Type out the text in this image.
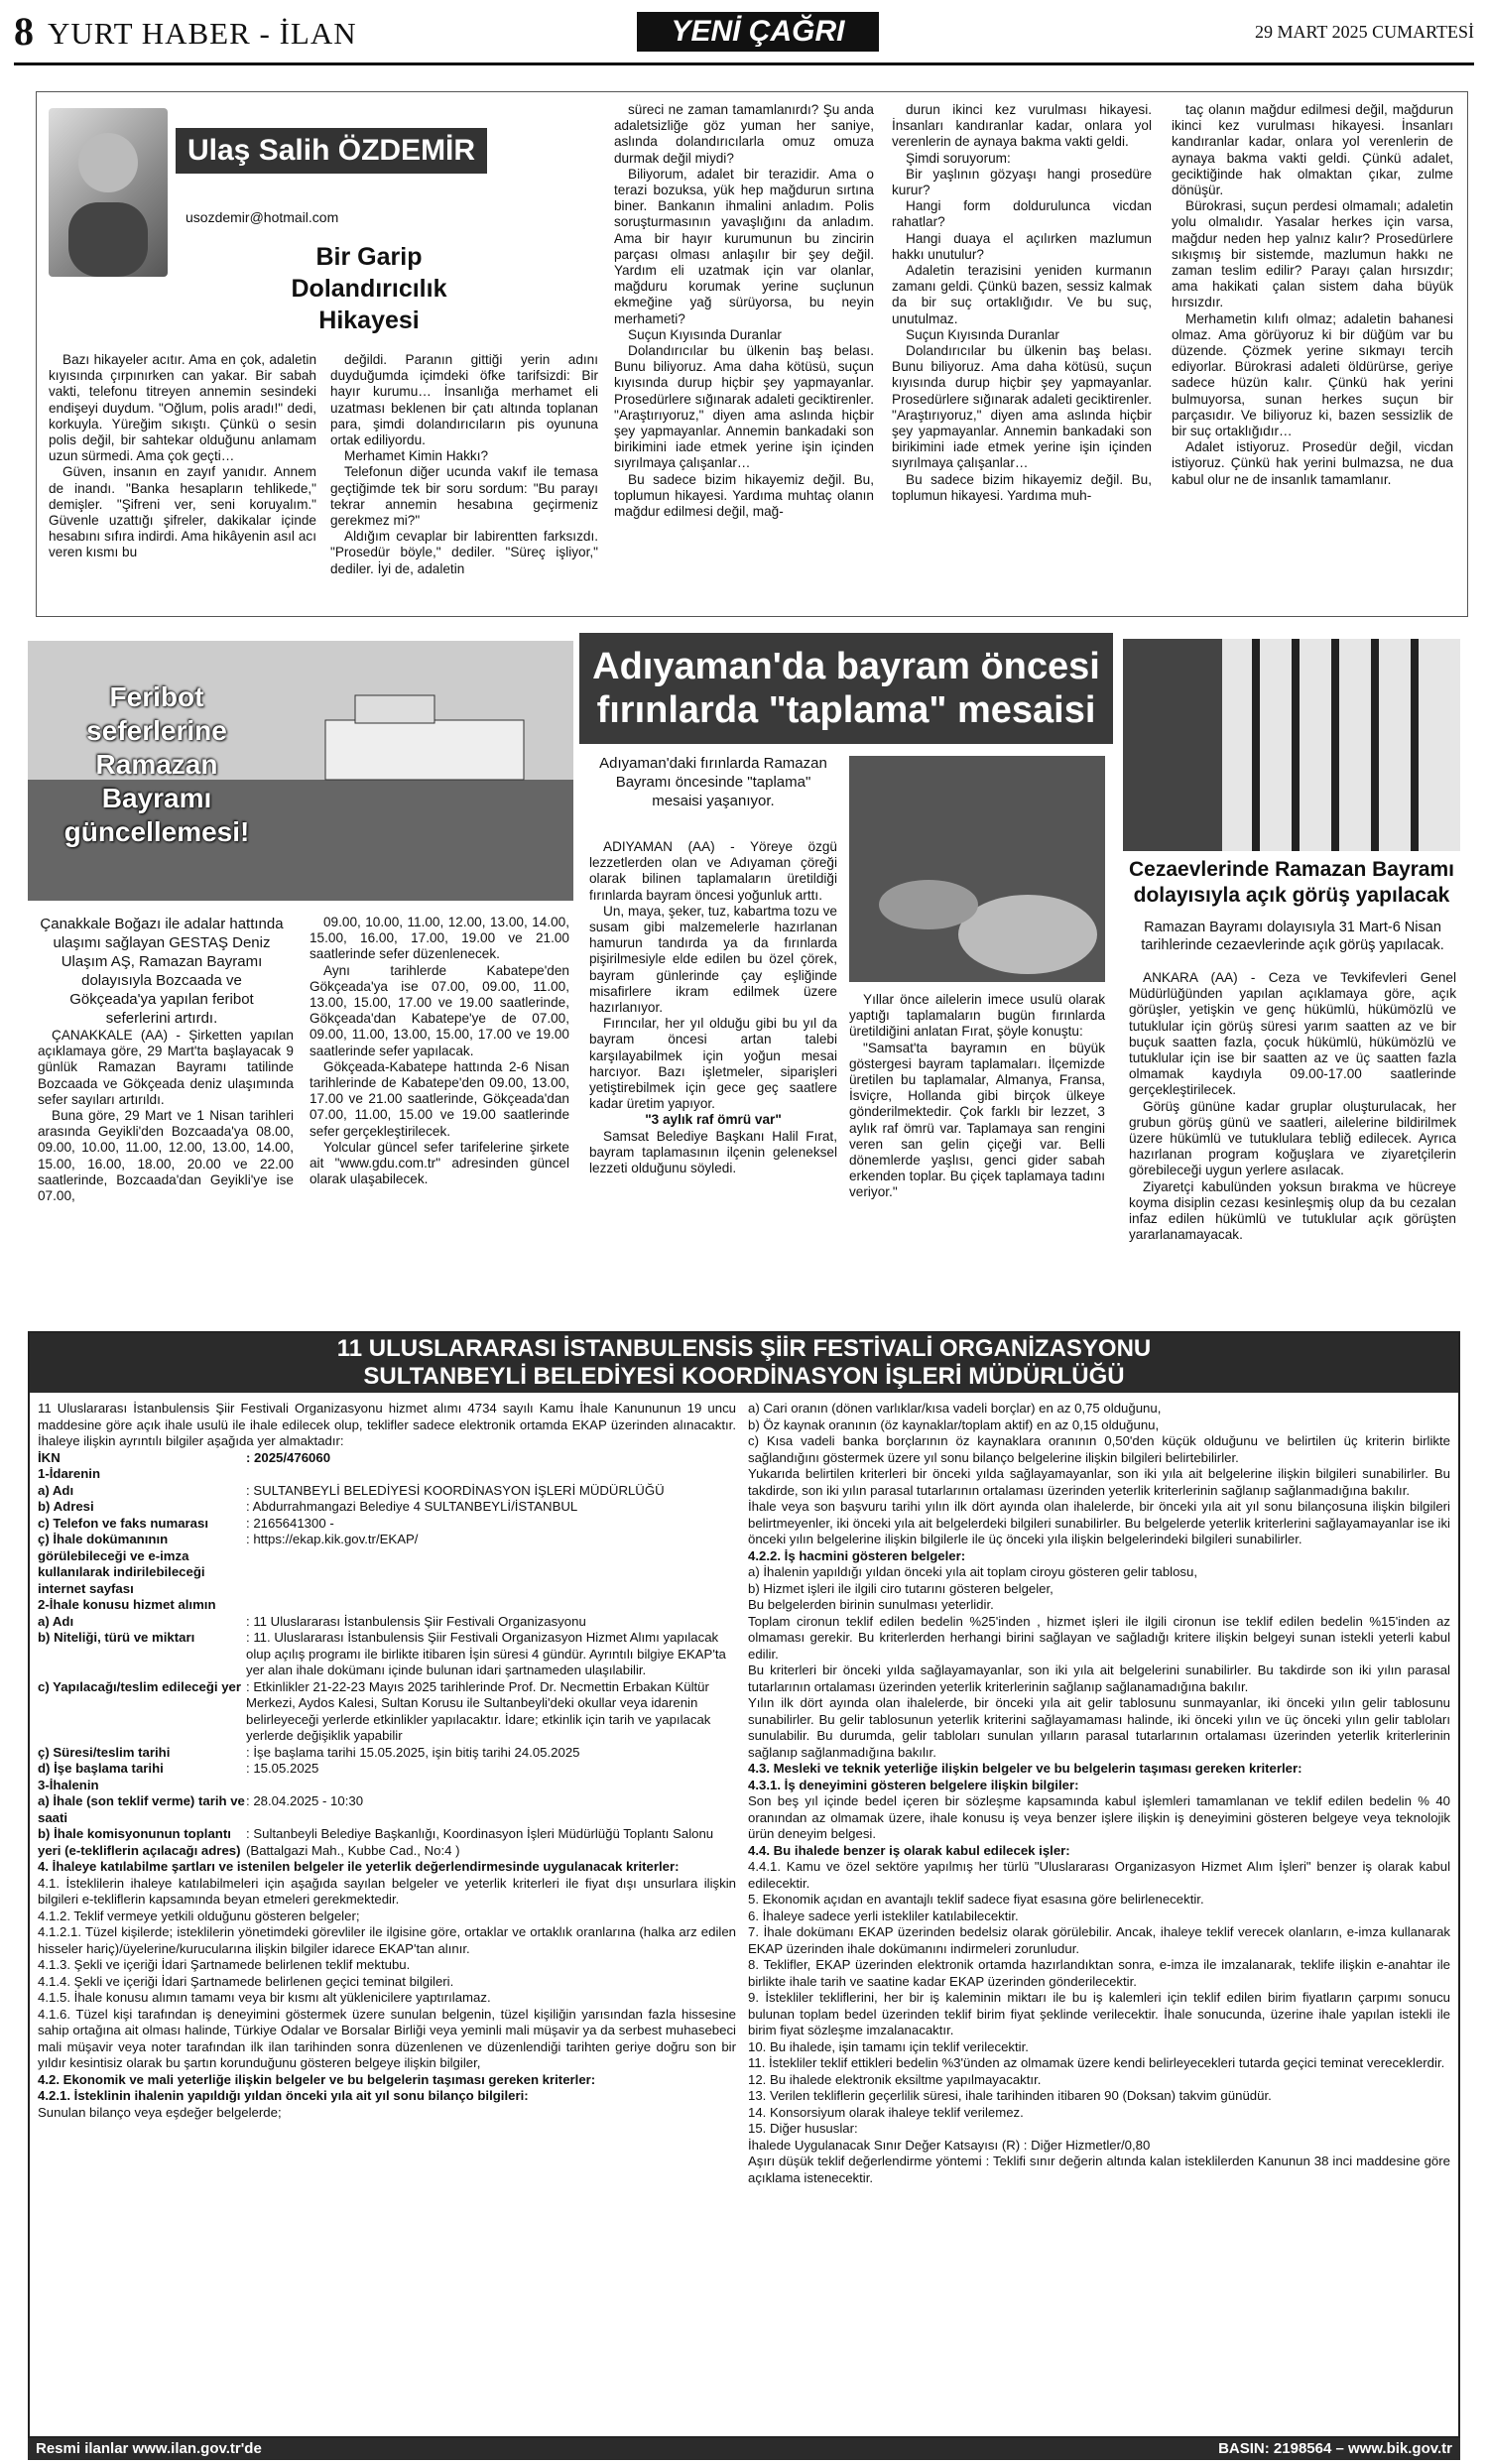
8 YURT HABER - İLAN	YENİ ÇAĞRI	29 MART 2025 CUMARTESİ
Ulaş Salih ÖZDEMİR
usozdemir@hotmail.com
Bir Garip Dolandırıcılık Hikayesi

Bazı hikayeler acıtır. Ama en çok, adaletin kıyısında çırpınırken can yakar. Bir sabah vakti, telefonu titreyen annemin sesindeki endişeyi duydum. "Oğlum, polis aradı!" dedi, korkuyla. Yüreğim sıkıştı. Çünkü o sesin polis değil, bir sahtekar olduğunu anlamam uzun sürmedi. Ama çok geçti…

Güven, insanın en zayıf yanıdır. Annem de inandı. "Banka hesapların tehlikede," demişler. "Şifreni ver, seni koruyalım." Güvenle uzattığı şifreler, dakikalar içinde hesabını sıfıra indirdi. Ama hikâyenin asıl acı veren kısmı bu

değildi. Paranın gittiği yerin adını duyduğumda içimdeki öfke tarifsizdi: Bir hayır kurumu… İnsanlığa merhamet eli uzatması beklenen bir çatı altında toplanan para, şimdi dolandırıcıların pis oyununa ortak ediliyordu.

Merhamet Kimin Hakkı?

Telefonun diğer ucunda vakıf ile temasa geçtiğimde tek bir soru sordum: "Bu parayı tekrar annemin hesabına geçirmeniz gerekmez mi?"

Aldığım cevaplar bir labirentten farksızdı. "Prosedür böyle," dediler. "Süreç işliyor," dediler. İyi de, adaletin

süreci ne zaman tamamlanırdı? Şu anda adaletsizliğe göz yuman her saniye, aslında dolandırıcılarla omuz omuza durmak değil miydi?

Biliyorum, adalet bir terazidir. Ama o terazi bozuksa, yük hep mağdurun sırtına biner. Bankanın ihmalini anladım. Polis soruşturmasının yavaşlığını da anladım. Ama bir hayır kurumunun bu zincirin parçası olması anlaşılır bir şey değil. Yardım eli uzatmak için var olanlar, mağduru korumak yerine suçlunun ekmeğine yağ sürüyorsa, bu neyin merhameti?

Suçun Kıyısında Duranlar

Dolandırıcılar bu ülkenin baş belası. Bunu biliyoruz. Ama daha kötüsü, suçun kıyısında durup hiçbir şey yapmayanlar. Prosedürlere sığınarak adaleti geciktirenler. "Araştırıyoruz," diyen ama aslında hiçbir şey yapmayanlar. Annemin bankadaki son birikimini iade etmek yerine işin içinden sıyrılmaya çalışanlar…

Bu sadece bizim hikayemiz değil. Bu, toplumun hikayesi. Yardıma muhtaç olanın mağdur edilmesi değil, mağ-

durun ikinci kez vurulması hikayesi. İnsanları kandıranlar kadar, onlara yol verenlerin de aynaya bakma vakti geldi.

Şimdi soruyorum:

Bir yaşlının gözyaşı hangi prosedüre kurur?

Hangi form doldurulunca vicdan rahatlar?

Hangi duaya el açılırken mazlumun hakkı unutulur?

Adaletin terazisini yeniden kurmanın zamanı geldi. Çünkü bazen, sessiz kalmak da bir suç ortaklığıdır. Ve bu suç, unutulmaz.

Suçun Kıyısında Duranlar

Dolandırıcılar bu ülkenin baş belası. Bunu biliyoruz. Ama daha kötüsü, suçun kıyısında durup hiçbir şey yapmayanlar. Prosedürlere sığınarak adaleti geciktirenler. "Araştırıyoruz," diyen ama aslında hiçbir şey yapmayanlar. Annemin bankadaki son birikimini iade etmek yerine işin içinden sıyrılmaya çalışanlar…

Bu sadece bizim hikayemiz değil. Bu, toplumun hikayesi. Yardıma muh-

taç olanın mağdur edilmesi değil, mağdurun ikinci kez vurulması hikayesi. İnsanları kandıranlar kadar, onlara yol verenlerin de aynaya bakma vakti geldi. Çünkü adalet, geciktiğinde hak olmaktan çıkar, zulme dönüşür.

Bürokrasi, suçun perdesi olmamalı; adaletin yolu olmalıdır. Yasalar herkes için varsa, mağdur neden hep yalnız kalır? Prosedürlere sıkışmış bir sistemde, mazlumun hakkı ne zaman teslim edilir? Parayı çalan hırsızdır; ama hakikati çalan sistem daha büyük hırsızdır.

Merhametin kılıfı olmaz; adaletin bahanesi olmaz. Ama görüyoruz ki bir düğüm var bu düzende. Çözmek yerine sıkmayı tercih ediyorlar. Bürokrasi adaleti öldürürse, geriye sadece hüzün kalır. Çünkü hak yerini bulmuyorsa, sunan herkes suçun bir parçasıdır. Ve biliyoruz ki, bazen sessizlik de bir suç ortaklığıdır…

Adalet istiyoruz. Prosedür değil, vicdan istiyoruz. Çünkü hak yerini bulmazsa, ne dua kabul olur ne de insanlık tamamlanır.

Feribot seferlerine Ramazan Bayramı güncellemesi!
Çanakkale Boğazı ile adalar hattında ulaşımı sağlayan GESTAŞ Deniz Ulaşım AŞ, Ramazan Bayramı dolayısıyla Bozcaada ve Gökçeada'ya yapılan feribot seferlerini artırdı.

ÇANAKKALE (AA) - Şirketten yapılan açıklamaya göre, 29 Mart'ta başlayacak 9 günlük Ramazan Bayramı tatilinde Bozcaada ve Gökçeada deniz ulaşımında sefer sayıları artırıldı.

Buna göre, 29 Mart ve 1 Nisan tarihleri arasında Geyikli'den Bozcaada'ya 08.00, 09.00, 10.00, 11.00, 12.00, 13.00, 14.00, 15.00, 16.00, 18.00, 20.00 ve 22.00 saatlerinde, Bozcaada'dan Geyikli'ye ise 07.00,

09.00, 10.00, 11.00, 12.00, 13.00, 14.00, 15.00, 16.00, 17.00, 19.00 ve 21.00 saatlerinde sefer düzenlenecek.

Aynı tarihlerde Kabatepe'den Gökçeada'ya ise 07.00, 09.00, 11.00, 13.00, 15.00, 17.00 ve 19.00 saatlerinde, Gökçeada'dan Kabatepe'ye de 07.00, 09.00, 11.00, 13.00, 15.00, 17.00 ve 19.00 saatlerinde sefer yapılacak.

Gökçeada-Kabatepe hattında 2-6 Nisan tarihlerinde de Kabatepe'den 09.00, 13.00, 17.00 ve 21.00 saatlerinde, Gökçeada'dan 07.00, 11.00, 15.00 ve 19.00 saatlerinde sefer gerçekleştirilecek.

Yolcular güncel sefer tarifelerine şirkete ait "www.gdu.com.tr" adresinden güncel olarak ulaşabilecek.

Adıyaman'da bayram öncesi fırınlarda "taplama" mesaisi
Adıyaman'daki fırınlarda Ramazan Bayramı öncesinde "taplama" mesaisi yaşanıyor.

ADIYAMAN (AA) - Yöreye özgü lezzetlerden olan ve Adıyaman çöreği olarak bilinen taplamaların üretildiği fırınlarda bayram öncesi yoğunluk arttı.

Un, maya, şeker, tuz, kabartma tozu ve susam gibi malzemelerle hazırlanan hamurun tandırda ya da fırınlarda pişirilmesiyle elde edilen bu özel çörek, bayram günlerinde çay eşliğinde misafirlere ikram edilmek üzere hazırlanıyor.

Fırıncılar, her yıl olduğu gibi bu yıl da bayram öncesi artan talebi karşılayabilmek için yoğun mesai harcıyor. Bazı işletmeler, siparişleri yetiştirebilmek için gece geç saatlere kadar üretim yapıyor.

"3 aylık raf ömrü var"

Samsat Belediye Başkanı Halil Fırat, bayram taplamasının ilçenin geleneksel lezzeti olduğunu söyledi.

Yıllar önce ailelerin imece usulü olarak yaptığı taplamaların bugün fırınlarda üretildiğini anlatan Fırat, şöyle konuştu:

"Samsat'ta bayramın en büyük göstergesi bayram taplamaları. İlçemizde üretilen bu taplamalar, Almanya, Fransa, İsviçre, Hollanda gibi birçok ülkeye gönderilmektedir. Çok farklı bir lezzet, 3 aylık raf ömrü var. Taplamaya san rengini veren san gelin çiçeği var. Belli dönemlerde yaşlısı, genci gider sabah erkenden toplar. Bu çiçek taplamaya tadını veriyor."

Cezaevlerinde Ramazan Bayramı dolayısıyla açık görüş yapılacak
Ramazan Bayramı dolayısıyla 31 Mart-6 Nisan tarihlerinde cezaevlerinde açık görüş yapılacak.

ANKARA (AA) - Ceza ve Tevkifevleri Genel Müdürlüğünden yapılan açıklamaya göre, açık görüşler, yetişkin ve genç hükümlü, hükümözlü ve tutuklular için görüş süresi yarım saatten az ve bir buçuk saatten fazla, çocuk hükümlü, hükümözlü ve tutuklular için ise bir saatten az ve üç saatten fazla olmamak kaydıyla 09.00-17.00 saatlerinde gerçekleştirilecek.

Görüş gününe kadar gruplar oluşturulacak, her grubun görüş günü ve saatleri, ailelerine bildirilmek üzere hükümlü ve tutuklulara tebliğ edilecek. Ayrıca hazırlanan program koğuşlara ve ziyaretçilerin görebileceği uygun yerlere asılacak.

Ziyaretçi kabulünden yoksun bırakma ve hücreye koyma disiplin cezası kesinleşmiş olup da bu cezalan infaz edilen hükümlü ve tutuklular açık görüşten yararlanamayacak.

11 ULUSLARARASI İSTANBULENSİS ŞİİR FESTİVALİ ORGANİZASYONU
SULTANBEYLİ BELEDİYESİ KOORDİNASYON İŞLERİ MÜDÜRLÜĞÜ
11 Uluslararası İstanbulensis Şiir Festivali Organizasyonu hizmet alımı 4734 sayılı Kamu İhale Kanununun 19 uncu maddesine göre açık ihale usulü ile ihale edilecek olup, teklifler sadece elektronik ortamda EKAP üzerinden alınacaktır. İhaleye ilişkin ayrıntılı bilgiler aşağıda yer almaktadır:
İKN	: 2025/476060
1-İdarenin
a) Adı	: SULTANBEYLİ BELEDİYESİ KOORDİNASYON İŞLERİ MÜDÜRLÜĞÜ
b) Adresi	: Abdurrahmangazi Belediye 4 SULTANBEYLİ/İSTANBUL
c) Telefon ve faks numarası	: 2165641300 -
ç) İhale dokümanının görülebileceği ve e-imza kullanılarak indirilebileceği internet sayfası
: https://ekap.kik.gov.tr/EKAP/
2-İhale konusu hizmet alımın
a) Adı	: 11 Uluslararası İstanbulensis Şiir Festivali Organizasyonu
b) Niteliği, türü ve miktarı	: 11. Uluslararası İstanbulensis Şiir Festivali Organizasyon Hizmet Alımı yapılacak olup açılış programı ile birlikte itibaren İşin süresi 4 gündür. Ayrıntılı bilgiye EKAP'ta yer alan ihale dokümanı içinde bulunan idari şartnameden ulaşılabilir.
c) Yapılacağı/teslim edileceği yer : Etkinlikler 21-22-23 Mayıs 2025 tarihlerinde Prof. Dr. Necmettin Erbakan Kültür Merkezi, Aydos Kalesi, Sultan Korusu ile Sultanbeyli'deki okullar veya idarenin belirleyeceği yerlerde etkinlikler yapılacaktır. İdare; etkinlik için tarih ve yapılacak yerlerde değişiklik yapabilir
ç) Süresi/teslim tarihi	: İşe başlama tarihi 15.05.2025, işin bitiş tarihi 24.05.2025
d) İşe başlama tarihi	: 15.05.2025
3-İhalenin
a) İhale (son teklif verme) tarih ve saati
: 28.04.2025 - 10:30
b) İhale komisyonunun toplantı yeri (e-tekliflerin açılacağı adres)
: Sultanbeyli Belediye Başkanlığı, Koordinasyon İşleri Müdürlüğü Toplantı Salonu (Battalgazi Mah., Kubbe Cad., No:4 )
4. İhaleye katılabilme şartları ve istenilen belgeler ile yeterlik değerlendirmesinde uygulanacak kriterler:
4.1. İsteklilerin ihaleye katılabilmeleri için aşağıda sayılan belgeler ve yeterlik kriterleri ile fiyat dışı unsurlara ilişkin bilgileri e-tekliflerin kapsamında beyan etmeleri gerekmektedir.
4.1.2. Teklif vermeye yetkili olduğunu gösteren belgeler;
4.1.2.1. Tüzel kişilerde; isteklilerin yönetimdeki görevliler ile ilgisine göre, ortaklar ve ortaklık oranlarına (halka arz edilen hisseler hariç)/üyelerine/kurucularına ilişkin bilgiler idarece EKAP'tan alınır.
4.1.3. Şekli ve içeriği İdari Şartnamede belirlenen teklif mektubu.
4.1.4. Şekli ve içeriği İdari Şartnamede belirlenen geçici teminat bilgileri.
4.1.5. İhale konusu alımın tamamı veya bir kısmı alt yüklenicilere yaptırılamaz.
4.1.6. Tüzel kişi tarafından iş deneyimini göstermek üzere sunulan belgenin, tüzel kişiliğin yarısından fazla hissesine sahip ortağına ait olması halinde, Türkiye Odalar ve Borsalar Birliği veya yeminli mali müşavir ya da serbest muhasebeci mali müşavir veya noter tarafından ilk ilan tarihinden sonra düzenlenen ve düzenlendiği tarihten geriye doğru son bir yıldır kesintisiz olarak bu şartın korunduğunu gösteren belgeye ilişkin bilgiler,
4.2. Ekonomik ve mali yeterliğe ilişkin belgeler ve bu belgelerin taşıması gereken kriterler:
4.2.1. İsteklinin ihalenin yapıldığı yıldan önceki yıla ait yıl sonu bilanço bilgileri:
Sunulan bilanço veya eşdeğer belgelerde;
a) Cari oranın (dönen varlıklar/kısa vadeli borçlar) en az 0,75 olduğunu,
b) Öz kaynak oranının (öz kaynaklar/toplam aktif) en az 0,15 olduğunu,
c) Kısa vadeli banka borçlarının öz kaynaklara oranının 0,50'den küçük olduğunu ve belirtilen üç kriterin birlikte sağlandığını göstermek üzere yıl sonu bilanço belgelerine ilişkin bilgileri belirtebilirler.
Yukarıda belirtilen kriterleri bir önceki yılda sağlayamayanlar, son iki yıla ait belgelerine ilişkin bilgileri sunabilirler. Bu takdirde, son iki yılın parasal tutarlarının ortalaması üzerinden yeterlik kriterlerinin sağlanıp sağlanmadığına bakılır.
İhale veya son başvuru tarihi yılın ilk dört ayında olan ihalelerde, bir önceki yıla ait yıl sonu bilançosuna ilişkin bilgileri belirtmeyenler, iki önceki yıla ait belgelerdeki bilgileri sunabilirler. Bu belgelerde yeterlik kriterlerini sağlayamayanlar ise iki önceki yılın belgelerine ilişkin bilgilerle ile üç önceki yıla ilişkin belgelerindeki bilgileri sunabilirler.
4.2.2. İş hacmini gösteren belgeler:
a) İhalenin yapıldığı yıldan önceki yıla ait toplam ciroyu gösteren gelir tablosu,
b) Hizmet işleri ile ilgili ciro tutarını gösteren belgeler,
Bu belgelerden birinin sunulması yeterlidir.
Toplam cironun teklif edilen bedelin %25'inden , hizmet işleri ile ilgili cironun ise teklif edilen bedelin %15'inden az olmaması gerekir. Bu kriterlerden herhangi birini sağlayan ve sağladığı kritere ilişkin belgeyi sunan istekli yeterli kabul edilir.
Bu kriterleri bir önceki yılda sağlayamayanlar, son iki yıla ait belgelerini sunabilirler. Bu takdirde son iki yılın parasal tutarlarının ortalaması üzerinden yeterlik kriterlerinin sağlanıp sağlanamadığına bakılır.
Yılın ilk dört ayında olan ihalelerde, bir önceki yıla ait gelir tablosunu sunmayanlar, iki önceki yılın gelir tablosunu sunabilirler. Bu gelir tablosunun yeterlik kriterini sağlayamaması halinde, iki önceki yılın ve üç önceki yılın gelir tabloları sunulabilir. Bu durumda, gelir tabloları sunulan yılların parasal tutarlarının ortalaması üzerinden yeterlik kriterlerinin sağlanıp sağlanmadığına bakılır.
4.3. Mesleki ve teknik yeterliğe ilişkin belgeler ve bu belgelerin taşıması gereken kriterler:
4.3.1. İş deneyimini gösteren belgelere ilişkin bilgiler:
Son beş yıl içinde bedel içeren bir sözleşme kapsamında kabul işlemleri tamamlanan ve teklif edilen bedelin % 40 oranından az olmamak üzere, ihale konusu iş veya benzer işlere ilişkin iş deneyimini gösteren belgeye veya teknolojik ürün deneyim belgesi.
4.4. Bu ihalede benzer iş olarak kabul edilecek işler:
4.4.1. Kamu ve özel sektöre yapılmış her türlü "Uluslararası Organizasyon Hizmet Alım İşleri" benzer iş olarak kabul edilecektir.
5. Ekonomik açıdan en avantajlı teklif sadece fiyat esasına göre belirlenecektir.
6. İhaleye sadece yerli istekliler katılabilecektir.
7. İhale dokümanı EKAP üzerinden bedelsiz olarak görülebilir. Ancak, ihaleye teklif verecek olanların, e-imza kullanarak EKAP üzerinden ihale dokümanını indirmeleri zorunludur.
8. Teklifler, EKAP üzerinden elektronik ortamda hazırlandıktan sonra, e-imza ile imzalanarak, teklife ilişkin e-anahtar ile birlikte ihale tarih ve saatine kadar EKAP üzerinden gönderilecektir.
9. İstekliler tekliflerini, her bir iş kaleminin miktarı ile bu iş kalemleri için teklif edilen birim fiyatların çarpımı sonucu bulunan toplam bedel üzerinden teklif birim fiyat şeklinde verilecektir. İhale sonucunda, üzerine ihale yapılan istekli ile birim fiyat sözleşme imzalanacaktır.
10. Bu ihalede, işin tamamı için teklif verilecektir.
11. İstekliler teklif ettikleri bedelin %3'ünden az olmamak üzere kendi belirleyecekleri tutarda geçici teminat vereceklerdir.
12. Bu ihalede elektronik eksiltme yapılmayacaktır.
13. Verilen tekliflerin geçerlilik süresi, ihale tarihinden itibaren 90 (Doksan) takvim günüdür.
14. Konsorsiyum olarak ihaleye teklif verilemez.
15. Diğer hususlar:
İhalede Uygulanacak Sınır Değer Katsayısı (R) : Diğer Hizmetler/0,80
Aşırı düşük teklif değerlendirme yöntemi : Teklifi sınır değerin altında kalan isteklilerden Kanunun 38 inci maddesine göre açıklama istenecektir.
Resmi ilanlar www.ilan.gov.tr'de	BASIN: 2198564 – www.bik.gov.tr
